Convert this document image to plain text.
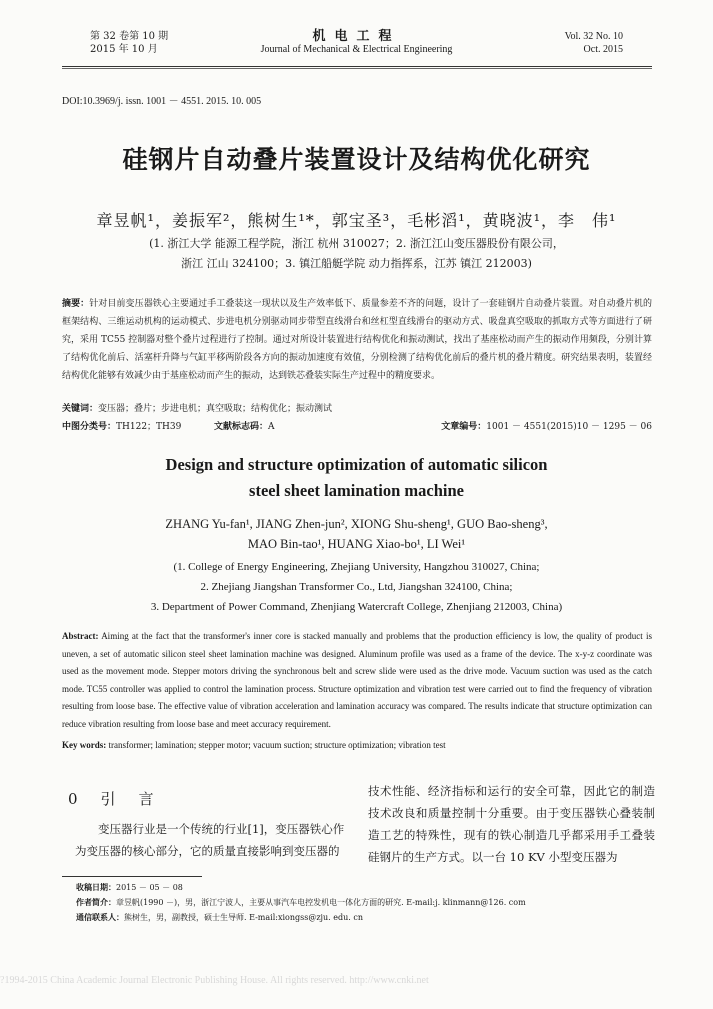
第 32 卷第 10 期
2015 年 10 月
机电工程
Journal of Mechanical & Electrical Engineering
Vol. 32 No. 10
Oct. 2015
DOI:10.3969/j. issn. 1001 － 4551. 2015. 10. 005
硅钢片自动叠片装置设计及结构优化研究
章昱帆¹，姜振军²，熊树生¹*，郭宝圣³，毛彬滔¹，黄晓波¹，李　伟¹
(1. 浙江大学 能源工程学院，浙江 杭州 310027；2. 浙江江山变压器股份有限公司，
浙江 江山 324100；3. 镇江船艇学院 动力指挥系，江苏 镇江 212003)
摘要：针对目前变压器铁心主要通过手工叠装这一现状以及生产效率低下、质量参差不齐的问题，设计了一套硅钢片自动叠片装置。对自动叠片机的框架结构、三维运动机构的运动模式、步进电机分别驱动同步带型直线滑台和丝杠型直线滑台的驱动方式、吸盘真空吸取的抓取方式等方面进行了研究，采用 TC55 控制器对整个叠片过程进行了控制。通过对所设计装置进行结构优化和振动测试，找出了基座松动而产生的振动作用频段，分别计算了结构优化前后、活塞杆升降与气缸平移两阶段各方向的振动加速度有效值，分别检测了结构优化前后的叠片机的叠片精度。研究结果表明，装置经结构优化能够有效减少由于基座松动而产生的振动，达到铁芯叠装实际生产过程中的精度要求。
关键词：变压器；叠片；步进电机；真空吸取；结构优化；振动测试
中图分类号：TH122；TH39	文献标志码：A	文章编号：1001 － 4551(2015)10 － 1295 － 06
Design and structure optimization of automatic silicon
steel sheet lamination machine
ZHANG Yu-fan¹, JIANG Zhen-jun², XIONG Shu-sheng¹, GUO Bao-sheng³,
MAO Bin-tao¹, HUANG Xiao-bo¹, LI Wei¹
(1. College of Energy Engineering, Zhejiang University, Hangzhou 310027, China;
2. Zhejiang Jiangshan Transformer Co., Ltd, Jiangshan 324100, China;
3. Department of Power Command, Zhenjiang Watercraft College, Zhenjiang 212003, China)
Abstract: Aiming at the fact that the transformer's inner core is stacked manually and problems that the production efficiency is low, the quality of product is uneven, a set of automatic silicon steel sheet lamination machine was designed. Aluminum profile was used as a frame of the device. The x-y-z coordinate was used as the movement mode. Stepper motors driving the synchronous belt and screw slide were used as the drive mode. Vacuum suction was used as the catch mode. TC55 controller was applied to control the lamination process. Structure optimization and vibration test were carried out to find the frequency of vibration resulting from loose base. The effective value of vibration acceleration and lamination accuracy was compared. The results indicate that structure optimization can reduce vibration resulting from loose base and meet accuracy requirement.
Key words: transformer; lamination; stepper motor; vacuum suction; structure optimization; vibration test
0　引　言
变压器行业是一个传统的行业[1]，变压器铁心作为变压器的核心部分，它的质量直接影响到变压器的
技术性能、经济指标和运行的安全可靠，因此它的制造技术改良和质量控制十分重要。由于变压器铁心叠装制造工艺的特殊性，现有的铁心制造几乎都采用手工叠装硅钢片的生产方式。以一台 10 KV 小型变压器为
收稿日期：2015 － 05 － 08
作者简介：章昱帆(1990 －)，男，浙江宁波人，主要从事汽车电控发机电一体化方面的研究. E-mail:j. klinmann@126. com
通信联系人：熊树生，男，副教授，硕士生导师. E-mail:xiongss@zju. edu. cn
?1994-2015 China Academic Journal Electronic Publishing House. All rights reserved. http://www.cnki.net
